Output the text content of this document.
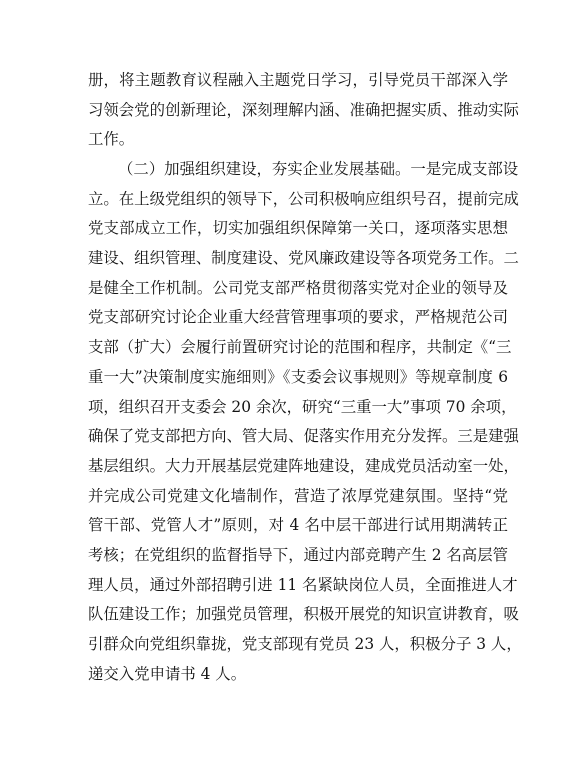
册，将主题教育议程融入主题党日学习，引导党员干部深入学
习领会党的创新理论，深刻理解内涵、准确把握实质、推动实际
工作。
（二）加强组织建设，夯实企业发展基础。一是完成支部设
立。在上级党组织的领导下，公司积极响应组织号召，提前完成
党支部成立工作，切实加强组织保障第一关口，逐项落实思想
建设、组织管理、制度建设、党风廉政建设等各项党务工作。二
是健全工作机制。公司党支部严格贯彻落实党对企业的领导及
党支部研究讨论企业重大经营管理事项的要求，严格规范公司
支部（扩大）会履行前置研究讨论的范围和程序，共制定《“三
重一大”决策制度实施细则》《支委会议事规则》等规章制度 6
项，组织召开支委会 20 余次，研究“三重一大”事项 70 余项，
确保了党支部把方向、管大局、促落实作用充分发挥。三是建强
基层组织。大力开展基层党建阵地建设，建成党员活动室一处，
并完成公司党建文化墙制作，营造了浓厚党建氛围。坚持“党
管干部、党管人才”原则，对 4 名中层干部进行试用期满转正
考核；在党组织的监督指导下，通过内部竞聘产生 2 名高层管
理人员，通过外部招聘引进 11 名紧缺岗位人员，全面推进人才
队伍建设工作；加强党员管理，积极开展党的知识宣讲教育，吸
引群众向党组织靠拢，党支部现有党员 23 人，积极分子 3 人，
递交入党申请书 4 人。
